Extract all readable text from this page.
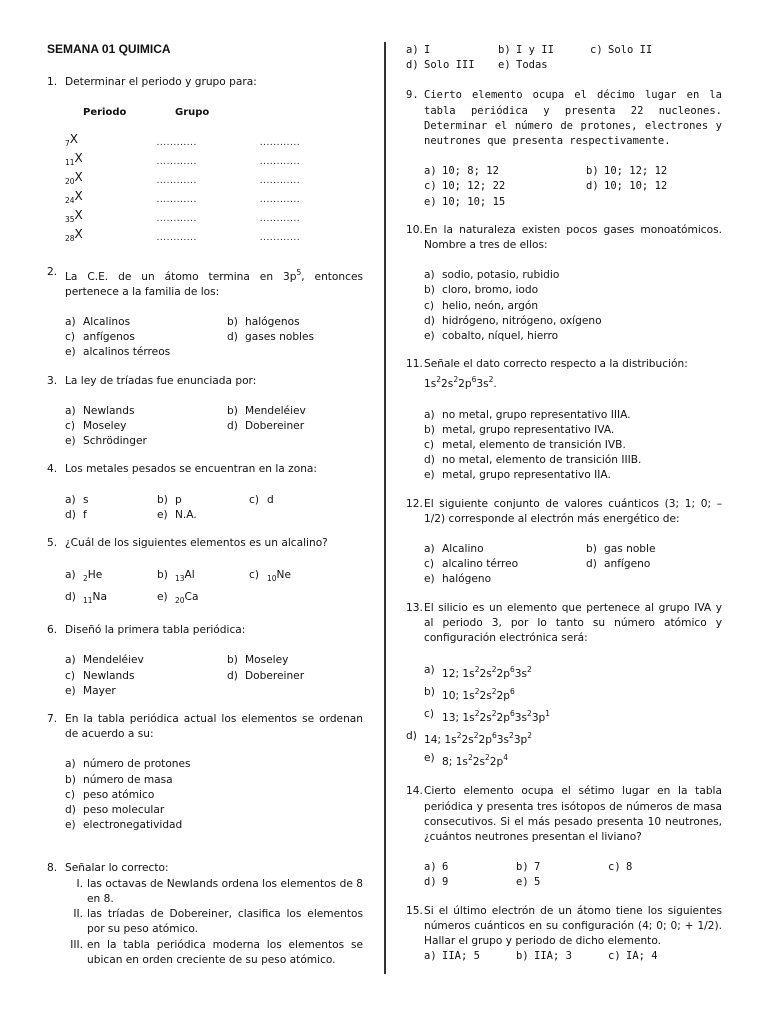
SEMANA 01 QUIMICA
1. Determinar el periodo y grupo para:
Periodo	Grupo
$_7$X	............	............
$_{11}$X	............	............
$_{20}$X	............	............
$_{24}$X	............	............
$_{35}$X	............	............
$_{28}$X	............	............
2. La C.E. de un átomo termina en $3p^5$, entonces pertenece a la familia de los:
a) Alcalinos	b) halógenos
c) anfígenos	d) gases nobles
e) alcalinos térreos
3. La ley de tríadas fue enunciada por:
a) Newlands	b) Mendeléiev
c) Moseley	d) Dobereiner
e) Schrödinger
4. Los metales pesados se encuentran en la zona:
a) s	b) p	c) d
d) f	e) N.A.
5. ¿Cuál de los siguientes elementos es un alcalino?
a) $_2$He	b) $_{13}$Al	c)	$_{10}$Ne
d) $_{11}$Na	e) $_{20}$Ca
6. Diseñó la primera tabla periódica:
a) Mendeléiev	b) Moseley
c) Newlands	d) Dobereiner
e) Mayer
7. En la tabla periódica actual los elementos se ordenan de acuerdo a su:
a) número de protones
b) número de masa
c) peso atómico
d) peso molecular
e) electronegatividad
8. Señalar lo correcto:
I. las octavas de Newlands ordena los elementos de 8 en 8.
II. las tríadas de Dobereiner, clasifica los elementos por su peso atómico.
III. en la tabla periódica moderna los elementos se ubican en orden creciente de su peso atómico.
a) I	b) I y II	c) Solo II
d) Solo III e) Todas
9. Cierto elemento ocupa el décimo lugar en la tabla periódica y presenta 22 nucleones. Determinar el número de protones, electrones y neutrones que presenta respectivamente.
a) 10; 8; 12	b) 10; 12; 12
c) 10; 12; 22	d) 10; 10; 12
e) 10; 10; 15
10. En la naturaleza existen pocos gases monoatómicos. Nombre a tres de ellos:
a) sodio, potasio, rubidio
b) cloro, bromo, iodo
c) helio, neón, argón
d) hidrógeno, nitrógeno, oxígeno
e) cobalto, níquel, hierro
11. Señale el dato correcto respecto a la distribución:
$1s^22s^22p^63s^2$.
a) no metal, grupo representativo IIIA.
b) metal, grupo representativo IVA.
c) metal, elemento de transición IVB.
d) no metal, elemento de transición IIIB.
e) metal, grupo representativo IIA.
12. El siguiente conjunto de valores cuánticos (3; 1; 0; – 1/2) corresponde al electrón más energético de:
a) Alcalino	b) gas noble
c) alcalino térreo	d) anfígeno
e) halógeno
13. El silicio es un elemento que pertenece al grupo IVA y al periodo 3, por lo tanto su número atómico y configuración electrónica será:
a) 12; $1s^22s^22p^63s^2$
b) 10; $1s^22s^22p^6$
c) 13; $1s^22s^22p^63s^23p^1$
d) 14; $1s^22s^22p^63s^23p^2$
e) 8; $1s^22s^22p^4$
14. Cierto elemento ocupa el sétimo lugar en la tabla periódica y presenta tres isótopos de números de masa consecutivos. Si el más pesado presenta 10 neutrones, ¿cuántos neutrones presentan el liviano?
a) 6	b) 7	c) 8
d) 9	e) 5
15. Si el último electrón de un átomo tiene los siguientes números cuánticos en su configuración (4; 0; 0; + 1/2). Hallar el grupo y periodo de dicho elemento.
a) IIA; 5	b) IIA; 3	c) IA; 4
